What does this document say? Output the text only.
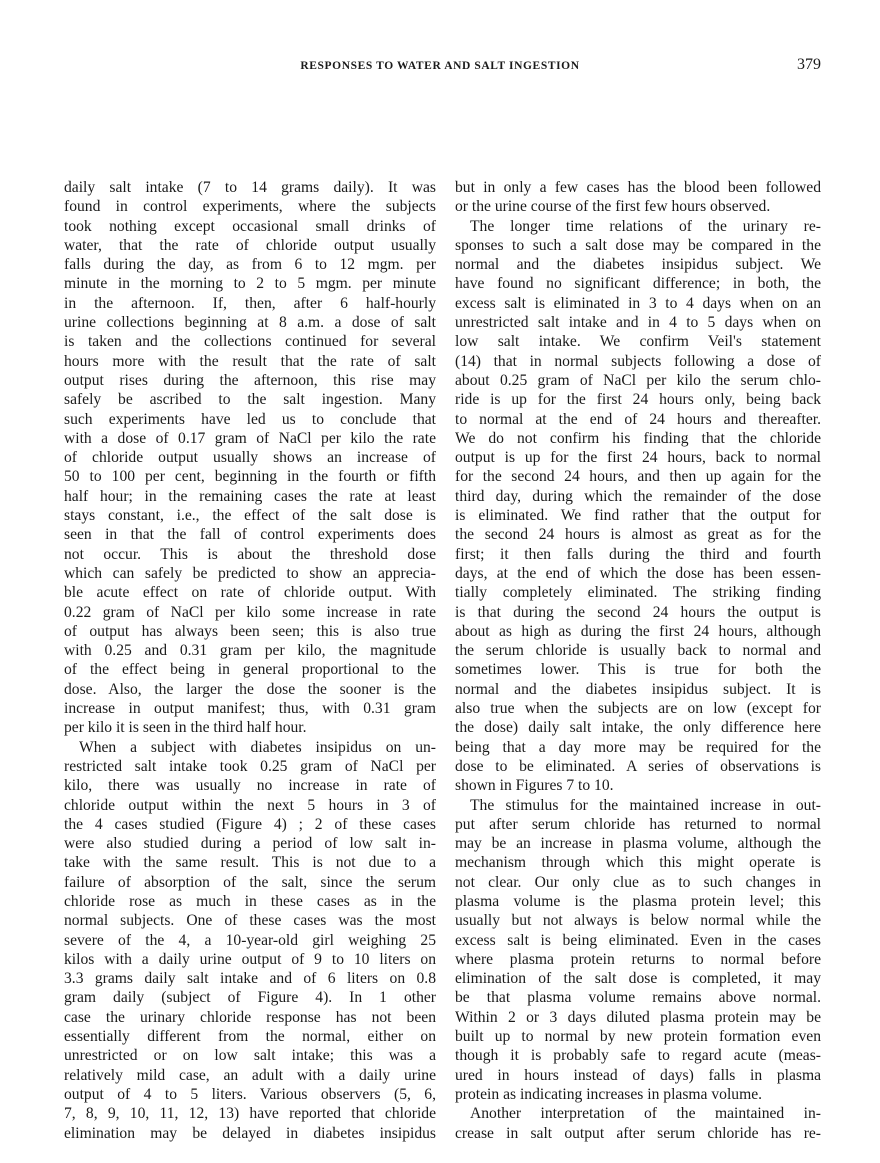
RESPONSES TO WATER AND SALT INGESTION	379
daily salt intake (7 to 14 grams daily). It was
found in control experiments, where the subjects
took nothing except occasional small drinks of
water, that the rate of chloride output usually
falls during the day, as from 6 to 12 mgm. per
minute in the morning to 2 to 5 mgm. per minute
in the afternoon. If, then, after 6 half-hourly
urine collections beginning at 8 a.m. a dose of salt
is taken and the collections continued for several
hours more with the result that the rate of salt
output rises during the afternoon, this rise may
safely be ascribed to the salt ingestion. Many
such experiments have led us to conclude that
with a dose of 0.17 gram of NaCl per kilo the rate
of chloride output usually shows an increase of
50 to 100 per cent, beginning in the fourth or fifth
half hour; in the remaining cases the rate at least
stays constant, i.e., the effect of the salt dose is
seen in that the fall of control experiments does
not occur. This is about the threshold dose
which can safely be predicted to show an apprecia-
ble acute effect on rate of chloride output. With
0.22 gram of NaCl per kilo some increase in rate
of output has always been seen; this is also true
with 0.25 and 0.31 gram per kilo, the magnitude
of the effect being in general proportional to the
dose. Also, the larger the dose the sooner is the
increase in output manifest; thus, with 0.31 gram
per kilo it is seen in the third half hour.
When a subject with diabetes insipidus on un-
restricted salt intake took 0.25 gram of NaCl per
kilo, there was usually no increase in rate of
chloride output within the next 5 hours in 3 of
the 4 cases studied (Figure 4) ; 2 of these cases
were also studied during a period of low salt in-
take with the same result. This is not due to a
failure of absorption of the salt, since the serum
chloride rose as much in these cases as in the
normal subjects. One of these cases was the most
severe of the 4, a 10-year-old girl weighing 25
kilos with a daily urine output of 9 to 10 liters on
3.3 grams daily salt intake and of 6 liters on 0.8
gram daily (subject of Figure 4). In 1 other
case the urinary chloride response has not been
essentially different from the normal, either on
unrestricted or on low salt intake; this was a
relatively mild case, an adult with a daily urine
output of 4 to 5 liters. Various observers (5, 6,
7, 8, 9, 10, 11, 12, 13) have reported that chloride
elimination may be delayed in diabetes insipidus
but in only a few cases has the blood been followed
or the urine course of the first few hours observed.
The longer time relations of the urinary re-
sponses to such a salt dose may be compared in the
normal and the diabetes insipidus subject. We
have found no significant difference; in both, the
excess salt is eliminated in 3 to 4 days when on an
unrestricted salt intake and in 4 to 5 days when on
low salt intake. We confirm Veil's statement
(14) that in normal subjects following a dose of
about 0.25 gram of NaCl per kilo the serum chlo-
ride is up for the first 24 hours only, being back
to normal at the end of 24 hours and thereafter.
We do not confirm his finding that the chloride
output is up for the first 24 hours, back to normal
for the second 24 hours, and then up again for the
third day, during which the remainder of the dose
is eliminated. We find rather that the output for
the second 24 hours is almost as great as for the
first; it then falls during the third and fourth
days, at the end of which the dose has been essen-
tially completely eliminated. The striking finding
is that during the second 24 hours the output is
about as high as during the first 24 hours, although
the serum chloride is usually back to normal and
sometimes lower. This is true for both the
normal and the diabetes insipidus subject. It is
also true when the subjects are on low (except for
the dose) daily salt intake, the only difference here
being that a day more may be required for the
dose to be eliminated. A series of observations is
shown in Figures 7 to 10.
The stimulus for the maintained increase in out-
put after serum chloride has returned to normal
may be an increase in plasma volume, although the
mechanism through which this might operate is
not clear. Our only clue as to such changes in
plasma volume is the plasma protein level; this
usually but not always is below normal while the
excess salt is being eliminated. Even in the cases
where plasma protein returns to normal before
elimination of the salt dose is completed, it may
be that plasma volume remains above normal.
Within 2 or 3 days diluted plasma protein may be
built up to normal by new protein formation even
though it is probably safe to regard acute (meas-
ured in hours instead of days) falls in plasma
protein as indicating increases in plasma volume.
Another interpretation of the maintained in-
crease in salt output after serum chloride has re-
